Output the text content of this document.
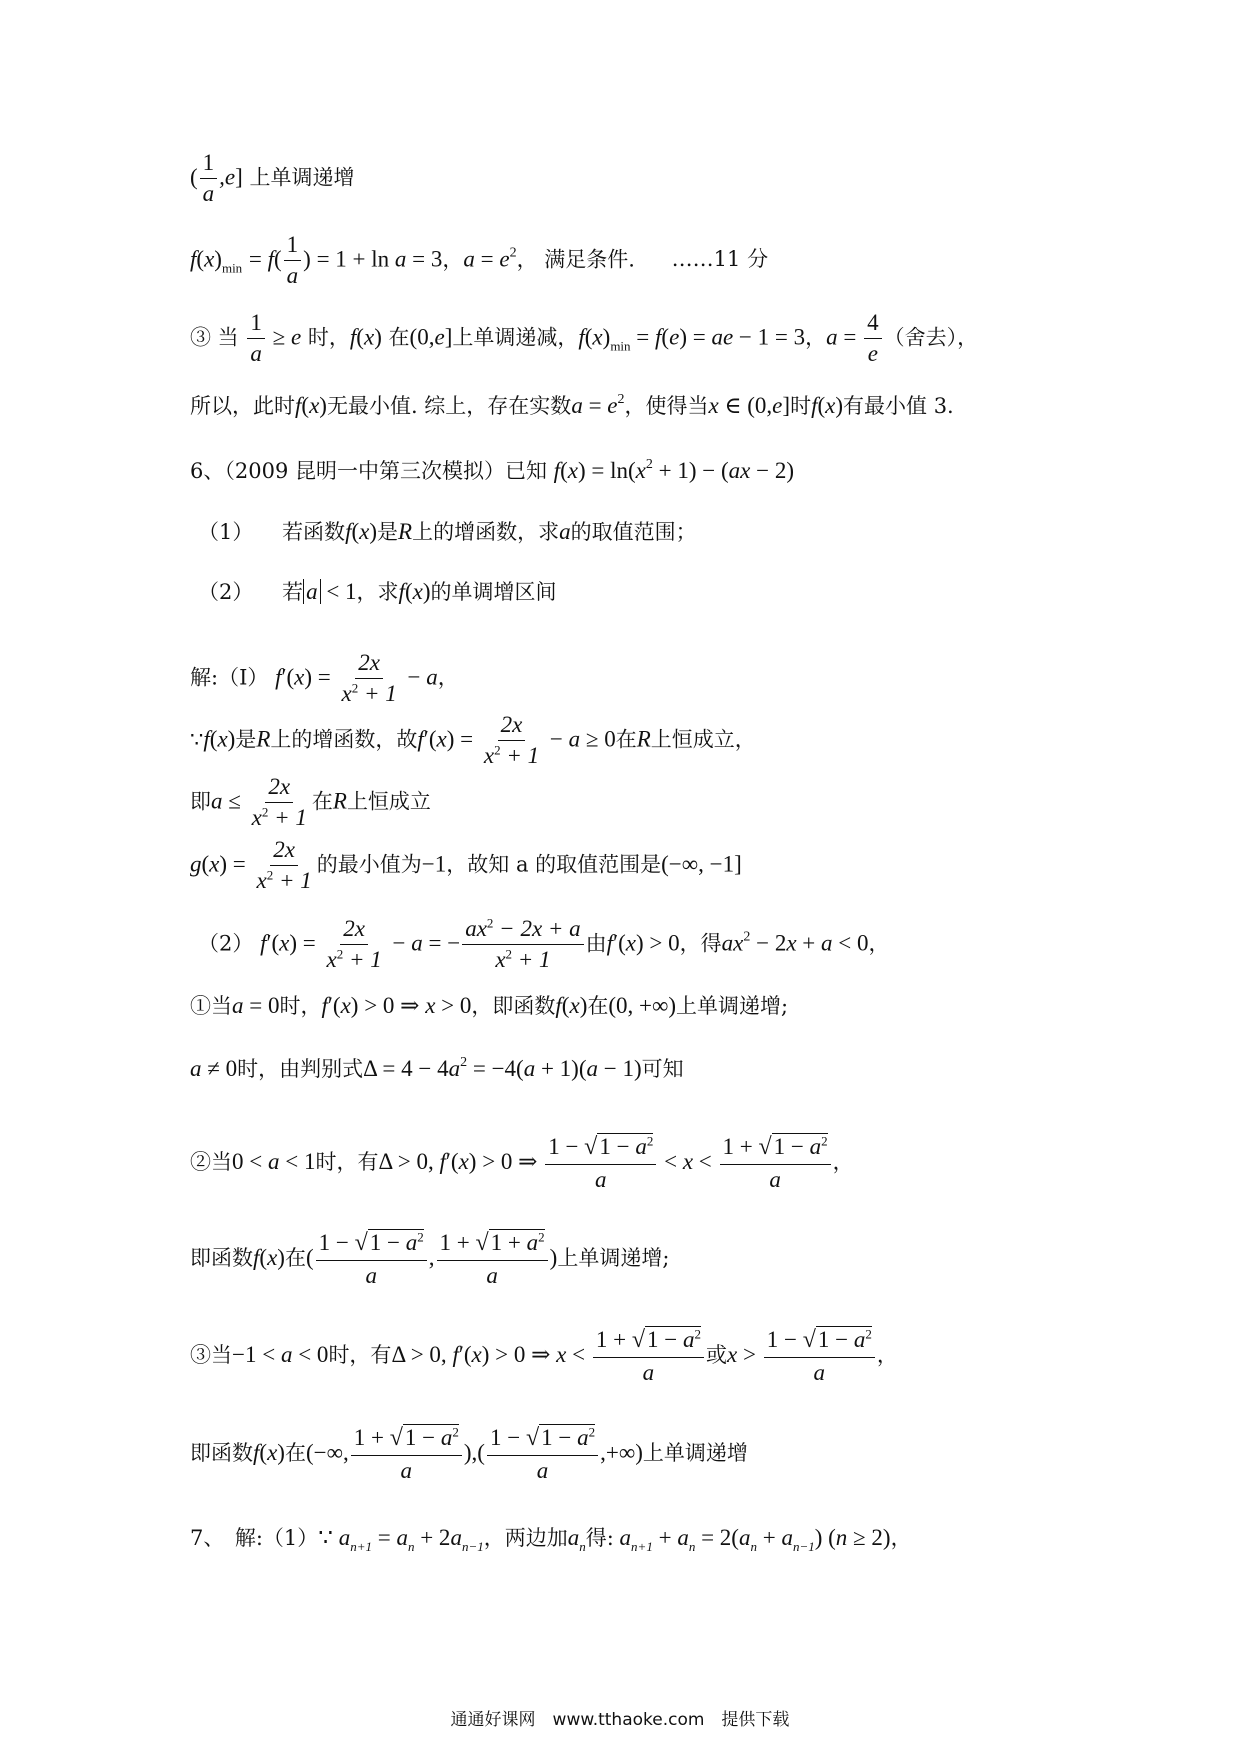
( $\frac{1}{a} ,e$] 上单调递增
$f(x)_{min} = f( \frac{1}{a}$ ) = 1 + ln a = 3，$a = e^2$， 满足条件. ……11 分
③ 当 $\frac{1}{a} \ge e$ 时，f(x) 在(0,e]上单调递减，$f(x)_{min} = f(e)$ = ae − 1 = 3，$a = \frac{4}{e}$ （舍去），
所以，此时f(x)无最小值. 综上，存在实数$a = e^2$，使得当x ∈ (0,e]时f(x)有最小值 3.
6、（2009 昆明一中第三次模拟）已知 $f(x) = \ln(x^2 + 1) - (ax - 2)$
（1） 若函数f(x)是R上的增函数，求a的取值范围；
（2） 若 a < 1，求f(x)的单调增区间
解:（Ⅰ） $f'(x) = \frac{2x}{x^2 + 1} - a$，
∵f(x)是R上的增函数，故$f'(x) = \frac{2x}{x^2 + 1} - a \ge 0$在R上恒成立，
即$a \le \frac{2x}{x^2 + 1}$ 在R上恒成立
$g(x) = \frac{2x}{x^2 + 1}$ 的最小值为−1，故知 a 的取值范围是(−∞, −1]
（2） $f'(x) = \frac{2x}{x^2 + 1} - a$ = − $\frac{ax^2 - 2x + a}{x^2 + 1}$ 由f′(x) > 0，得$ax^2 - 2x + a < 0$，
①当a = 0时，f′(x) > 0 ⇒ x > 0，即函数f(x)在(0, +∞)上单调递增;
a ≠ 0时，由判别式$\Delta = 4 - 4a^2 = -4(a + 1)(a - 1)$可知
②当0 < a < 1时，有Δ > 0, f′(x) > 0 ⇒ $\frac{1 - √1 - a^2}{a} < x < \frac{1 + √1 - a^2}{a}$ ，
即函数f(x)在( $\frac{1 - √1 - a^2}{a}$ , $\frac{1 + √1 + a^2}{a}$ )上单调递增;
③当−1 < a < 0时，有Δ > 0, f′(x) > 0 ⇒ $x < \frac{1 + √1 - a^2}{a}$ 或$x > \frac{1 - √1 - a^2}{a}$ ，
即函数f(x)在(−∞, $\frac{1 + √1 - a^2}{a}$ ),( $\frac{1 - √1 - a^2}{a}$ ,+∞)上单调递增
7、　解:（1）∵ $a_{n+1} = a_n + 2a_{n-1}$，两边加$a_n$得: $a_{n+1} + a_n = 2(a_n + a_{n-1}) (n \ge 2)$，
通通好课网　www.tthaoke.com　提供下载
